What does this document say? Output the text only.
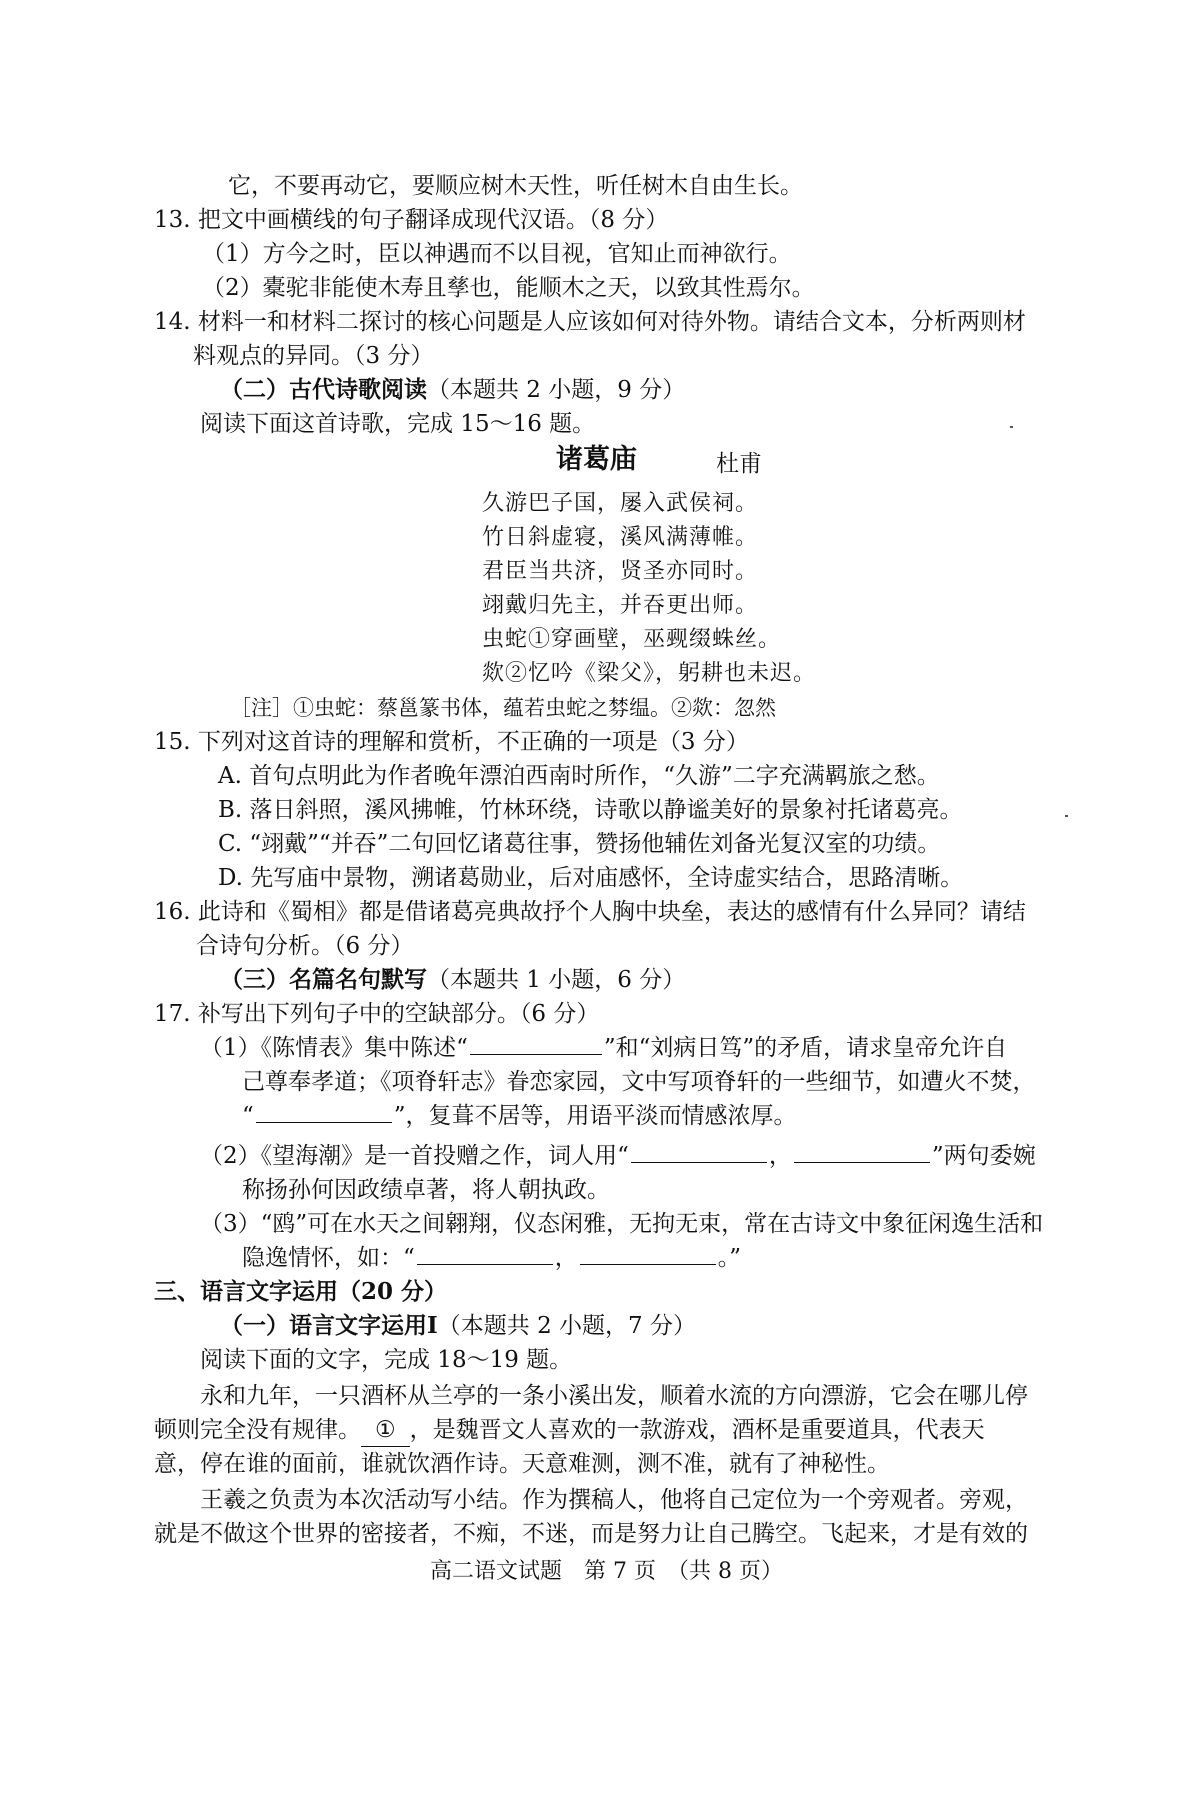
它，不要再动它，要顺应树木天性，听任树木自由生长。
13. 把文中画横线的句子翻译成现代汉语。（8 分）
（1）方今之时，臣以神遇而不以目视，官知止而神欲行。
（2）橐驼非能使木寿且孳也，能顺木之天，以致其性焉尔。
14. 材料一和材料二探讨的核心问题是人应该如何对待外物。请结合文本，分析两则材
料观点的异同。（3 分）
（二）古代诗歌阅读（本题共 2 小题，9 分）
阅读下面这首诗歌，完成 15～16 题。
诸葛庙	杜甫
久游巴子国，屡入武侯祠。
竹日斜虚寝，溪风满薄帷。
君臣当共济，贤圣亦同时。
翊戴归先主，并吞更出师。
虫蛇①穿画壁，巫觋缀蛛丝。
欻②忆吟《梁父》，躬耕也未迟。
［注］①虫蛇：蔡邕篆书体，蕴若虫蛇之棼缊。②欻：忽然
15. 下列对这首诗的理解和赏析，不正确的一项是（3 分）
A. 首句点明此为作者晚年漂泊西南时所作，“久游”二字充满羁旅之愁。
B. 落日斜照，溪风拂帷，竹林环绕，诗歌以静谧美好的景象衬托诸葛亮。
C. “翊戴”“并吞”二句回忆诸葛往事，赞扬他辅佐刘备光复汉室的功绩。
D. 先写庙中景物，溯诸葛勋业，后对庙感怀，全诗虚实结合，思路清晰。
16. 此诗和《蜀相》都是借诸葛亮典故抒个人胸中块垒，表达的感情有什么异同？请结
合诗句分析。（6 分）
（三）名篇名句默写（本题共 1 小题，6 分）
17. 补写出下列句子中的空缺部分。（6 分）
（1）《陈情表》集中陈述“	”和“刘病日笃”的矛盾，请求皇帝允许自
己尊奉孝道；《项脊轩志》眷恋家园，文中写项脊轩的一些细节，如遭火不焚，
“	”，复葺不居等，用语平淡而情感浓厚。
（2）《望海潮》是一首投赠之作，词人用“	，	”两句委婉
称扬孙何因政绩卓著，将人朝执政。
（3）“鸥”可在水天之间翱翔，仪态闲雅，无拘无束，常在古诗文中象征闲逸生活和
隐逸情怀，如：“	，	。”
三、语言文字运用（20 分）
（一）语言文字运用Ⅰ（本题共 2 小题，7 分）
阅读下面的文字，完成 18～19 题。
永和九年，一只酒杯从兰亭的一条小溪出发，顺着水流的方向漂游，它会在哪儿停
顿则完全没有规律。 ① ，是魏晋文人喜欢的一款游戏，酒杯是重要道具，代表天
意，停在谁的面前，谁就饮酒作诗。天意难测，测不准，就有了神秘性。
王羲之负责为本次活动写小结。作为撰稿人，他将自己定位为一个旁观者。旁观，
就是不做这个世界的密接者，不痴，不迷，而是努力让自己腾空。飞起来，才是有效的
高二语文试题　第 7 页　（共 8 页）
